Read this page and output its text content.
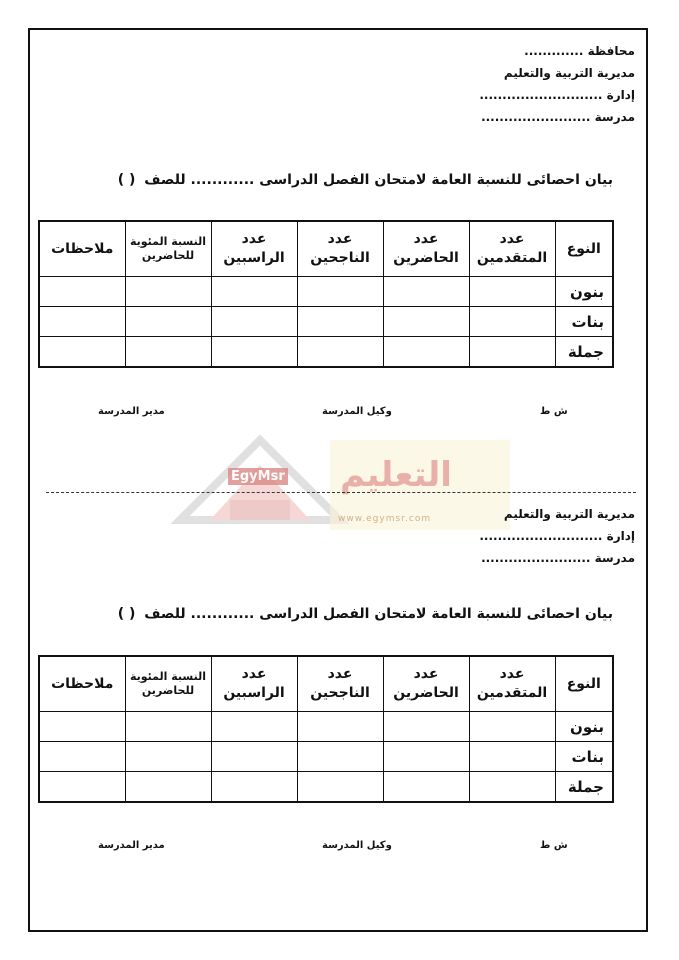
EgyMsr التعليم
www.egymsr.com
محافظة .............
مديرية التربية والتعليم
إدارة ...........................
مدرسة ........................
بيان احصائى للنسبة العامة لامتحان الفصل الدراسى ............ للصف ( )
النوع	عدد المتقدمين	عدد الحاضرين	عدد الناجحين	عدد الراسبين	النسبة المئوية للحاضرين	ملاحظات
بنون						
بنات						
جملة						
ش ط
وكيل المدرسة
مدير المدرسة
مديرية التربية والتعليم
إدارة ...........................
مدرسة ........................
بيان احصائى للنسبة العامة لامتحان الفصل الدراسى ............ للصف ( )
النوع	عدد المتقدمين	عدد الحاضرين	عدد الناجحين	عدد الراسبين	النسبة المئوية للحاضرين	ملاحظات
بنون						
بنات						
جملة						
ش ط
وكيل المدرسة
مدير المدرسة
